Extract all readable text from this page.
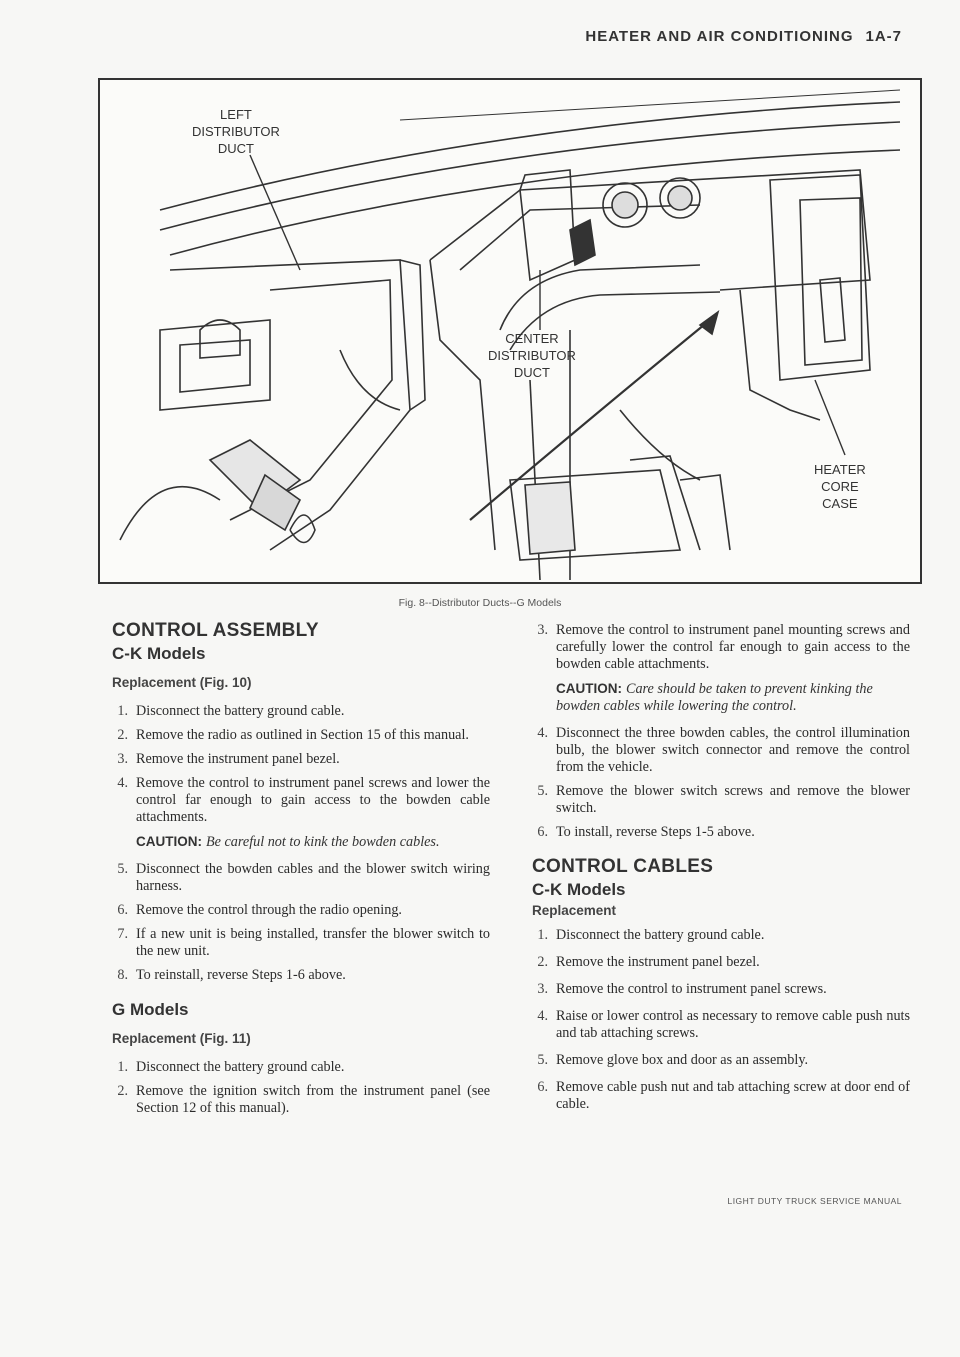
HEATER AND AIR CONDITIONING 1A-7
LEFT
DISTRIBUTOR
DUCT
CENTER
DISTRIBUTOR
DUCT
HEATER
CORE
CASE
Fig. 8--Distributor Ducts--G Models
CONTROL ASSEMBLY
C-K Models
Replacement (Fig. 10)
1. Disconnect the battery ground cable.
2. Remove the radio as outlined in Section 15 of this manual.
3. Remove the instrument panel bezel.
4. Remove the control to instrument panel screws and lower the control far enough to gain access to the bowden cable attachments.
CAUTION: Be careful not to kink the bowden cables.
5. Disconnect the bowden cables and the blower switch wiring harness.
6. Remove the control through the radio opening.
7. If a new unit is being installed, transfer the blower switch to the new unit.
8. To reinstall, reverse Steps 1-6 above.
G Models
Replacement (Fig. 11)
1. Disconnect the battery ground cable.
2. Remove the ignition switch from the instrument panel (see Section 12 of this manual).
3. Remove the control to instrument panel mounting screws and carefully lower the control far enough to gain access to the bowden cable attachments.
CAUTION: Care should be taken to prevent kinking the bowden cables while lowering the control.
4. Disconnect the three bowden cables, the control illumination bulb, the blower switch connector and remove the control from the vehicle.
5. Remove the blower switch screws and remove the blower switch.
6. To install, reverse Steps 1-5 above.
CONTROL CABLES
C-K Models
Replacement
1. Disconnect the battery ground cable.
2. Remove the instrument panel bezel.
3. Remove the control to instrument panel screws.
4. Raise or lower control as necessary to remove cable push nuts and tab attaching screws.
5. Remove glove box and door as an assembly.
6. Remove cable push nut and tab attaching screw at door end of cable.
LIGHT DUTY TRUCK SERVICE MANUAL
